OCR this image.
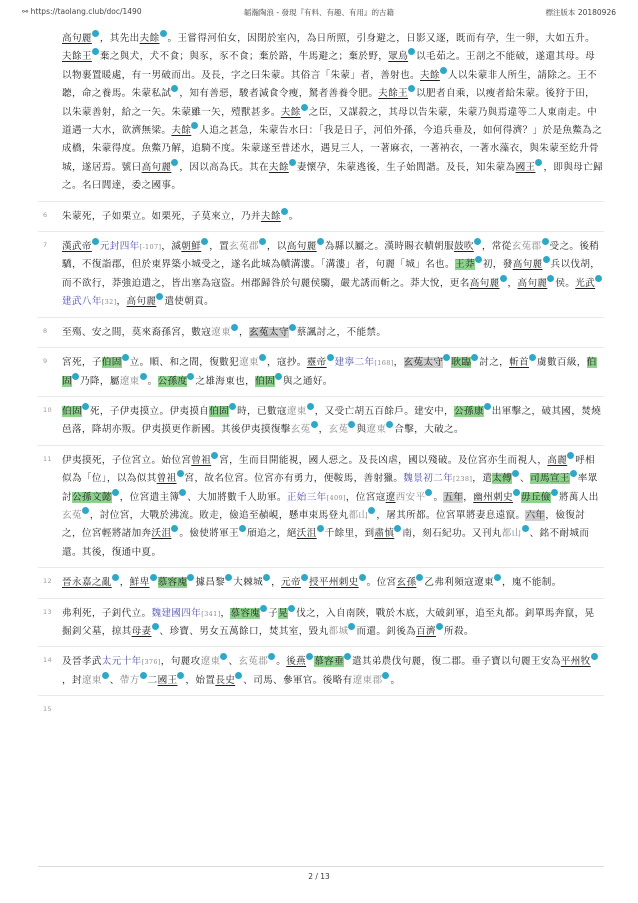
⚯ https://taolang.club/doc/1490	韜瀚陶浪 - 發現『有料、有趣、有用』的古籍	標注版本 20180926

高句麗 ，其先出夫餘 。王嘗得河伯女，因閉於室內，為日所照，引身避之，日影又逐，既而有孕，生一卵，大如五升。夫餘王 棄之與犬，犬不食；與豕，豕不食；棄於路，牛馬避之；棄於野，眾鳥 以毛茹之。王剖之不能破，遂還其母。母以物裹置暖處，有一男破而出。及長，字之曰朱蒙。其俗言「朱蒙」者，善射也。夫餘 人以朱蒙非人所生，請除之。王不聽，命之養馬。朱蒙私試 ，知有善惡，駿者減食令瘦，駑者善養令肥。夫餘王 以肥者自乘，以瘦者給朱蒙。後狩于田，以朱蒙善射，給之一矢。朱蒙雖一矢，殪獸甚多。夫餘 之臣，又謀殺之，其母以告朱蒙，朱蒙乃與焉違等二人東南走。中道遇一大水，欲濟無梁。夫餘 人追之甚急，朱蒙告水曰：「我是日子，河伯外孫，今追兵垂及，如何得濟？」於是魚鱉為之成橋，朱蒙得度。魚鱉乃解，追騎不度。朱蒙遂至普述水，遇見三人，一著麻衣，一著衲衣，一著水藻衣，與朱蒙至紇升骨城，遂居焉。號曰高句麗 ，因以高為氏。其在夫餘 妻懷孕，朱蒙逃後，生子始閭諧。及長，知朱蒙為國王 ，即與母亡歸之。名曰閭達，委之國事。

6 朱蒙死，子如栗立。如栗死，子莫來立，乃并夫餘 。

7 漢武帝 元封四年[-107]，滅朝鮮 ，置玄菟郡 ，以高句麗 為縣以屬之。漢時賜衣幘朝服鼓吹 ，常從玄菟郡 受之。後稍驕，不復詣郡，但於東界築小城受之，遂名此城為幘溝漊。「溝漊」者，句麗「城」名也。王莽 初，發高句麗 兵以伐胡，而不欲行，莽強迫遣之，皆出塞為寇盜。州郡歸咎於句麗侯騶，嚴尤誘而斬之。莽大悅，更名高句麗 ，高句麗 侯。光武建武八年[32]，高句麗 遣使朝貢。

8 至殤、安之間，莫來裔孫宮，數寇遼東 ，玄菟太守 蔡諷討之，不能禁。

9 宮死，子伯固 立。順、和之間，復數犯遼東 ，寇抄。靈帝 建寧二年[168]，玄菟太守 耿臨 討之，斬首 虜數百級，伯固 乃降，屬遼東 。公孫度 之雄海東也，伯固 與之通好。

10 伯固 死，子伊夷摸立。伊夷摸自伯固 時，已數寇遼東 ，又受亡胡五百餘戶。建安中，公孫康 出軍擊之，破其國，焚燒邑落，降胡亦叛。伊夷摸更作新國。其後伊夷摸復擊玄菟 ，玄菟 與遼東 合擊，大破之。

11 伊夷摸死，子位宮立。始位宮曾祖 宮，生而目開能視，國人惡之。及長凶虐，國以殘破。及位宮亦生而視人，高麗 呼相似為「位」，以為似其曾祖 宮，故名位宮。位宮亦有勇力，便鞍馬，善射獵。魏景初二年[238]，遣太傅 、司馬宣王 率眾討公孫文懿 ，位宮遣主簿 、大加將數千人助軍。正始三年[409]，位宮寇遼西安平 。五年，幽州刺史 毋丘儉 將萬人出玄菟 ，討位宮，大戰於沸流。敗走，儉追至赬峴，懸車束馬登丸都山 ，屠其所都。位宮單將妻息遠竄。六年，儉復討之，位宮輕將諸加奔沃沮 。儉使將軍王 頎追之，絕沃沮 千餘里，到肅慎 南，刻石紀功。又刊丸都山 、銘不耐城而還。其後，復通中夏。

12 晉永嘉之亂 ，鮮卑 慕容廆 據昌黎 大棘城 ，元帝 授平州刺史 。位宮玄孫 乙弗利頻寇遼東 ，廆不能制。

13 弗利死，子釗代立。魏建國四年[341]，慕容廆 子晃 伐之，入自南陝，戰於木底，大破釗軍，追至丸都。釗單馬奔竄，晃掘釗父墓，掠其母妻 、珍寶、男女五萬餘口，焚其室，毀丸都城 而還。釗後為百濟 所殺。

14 及晉孝武太元十年[376]，句麗攻遼東 、玄菟郡 。後燕 慕容垂 遣其弟農伐句麗，復二郡。垂子寶以句麗王安為平州牧，封遼東 、帶方 二國王 ，始置長史 、司馬、參軍官。後略有遼東郡 。

15

2 / 13
